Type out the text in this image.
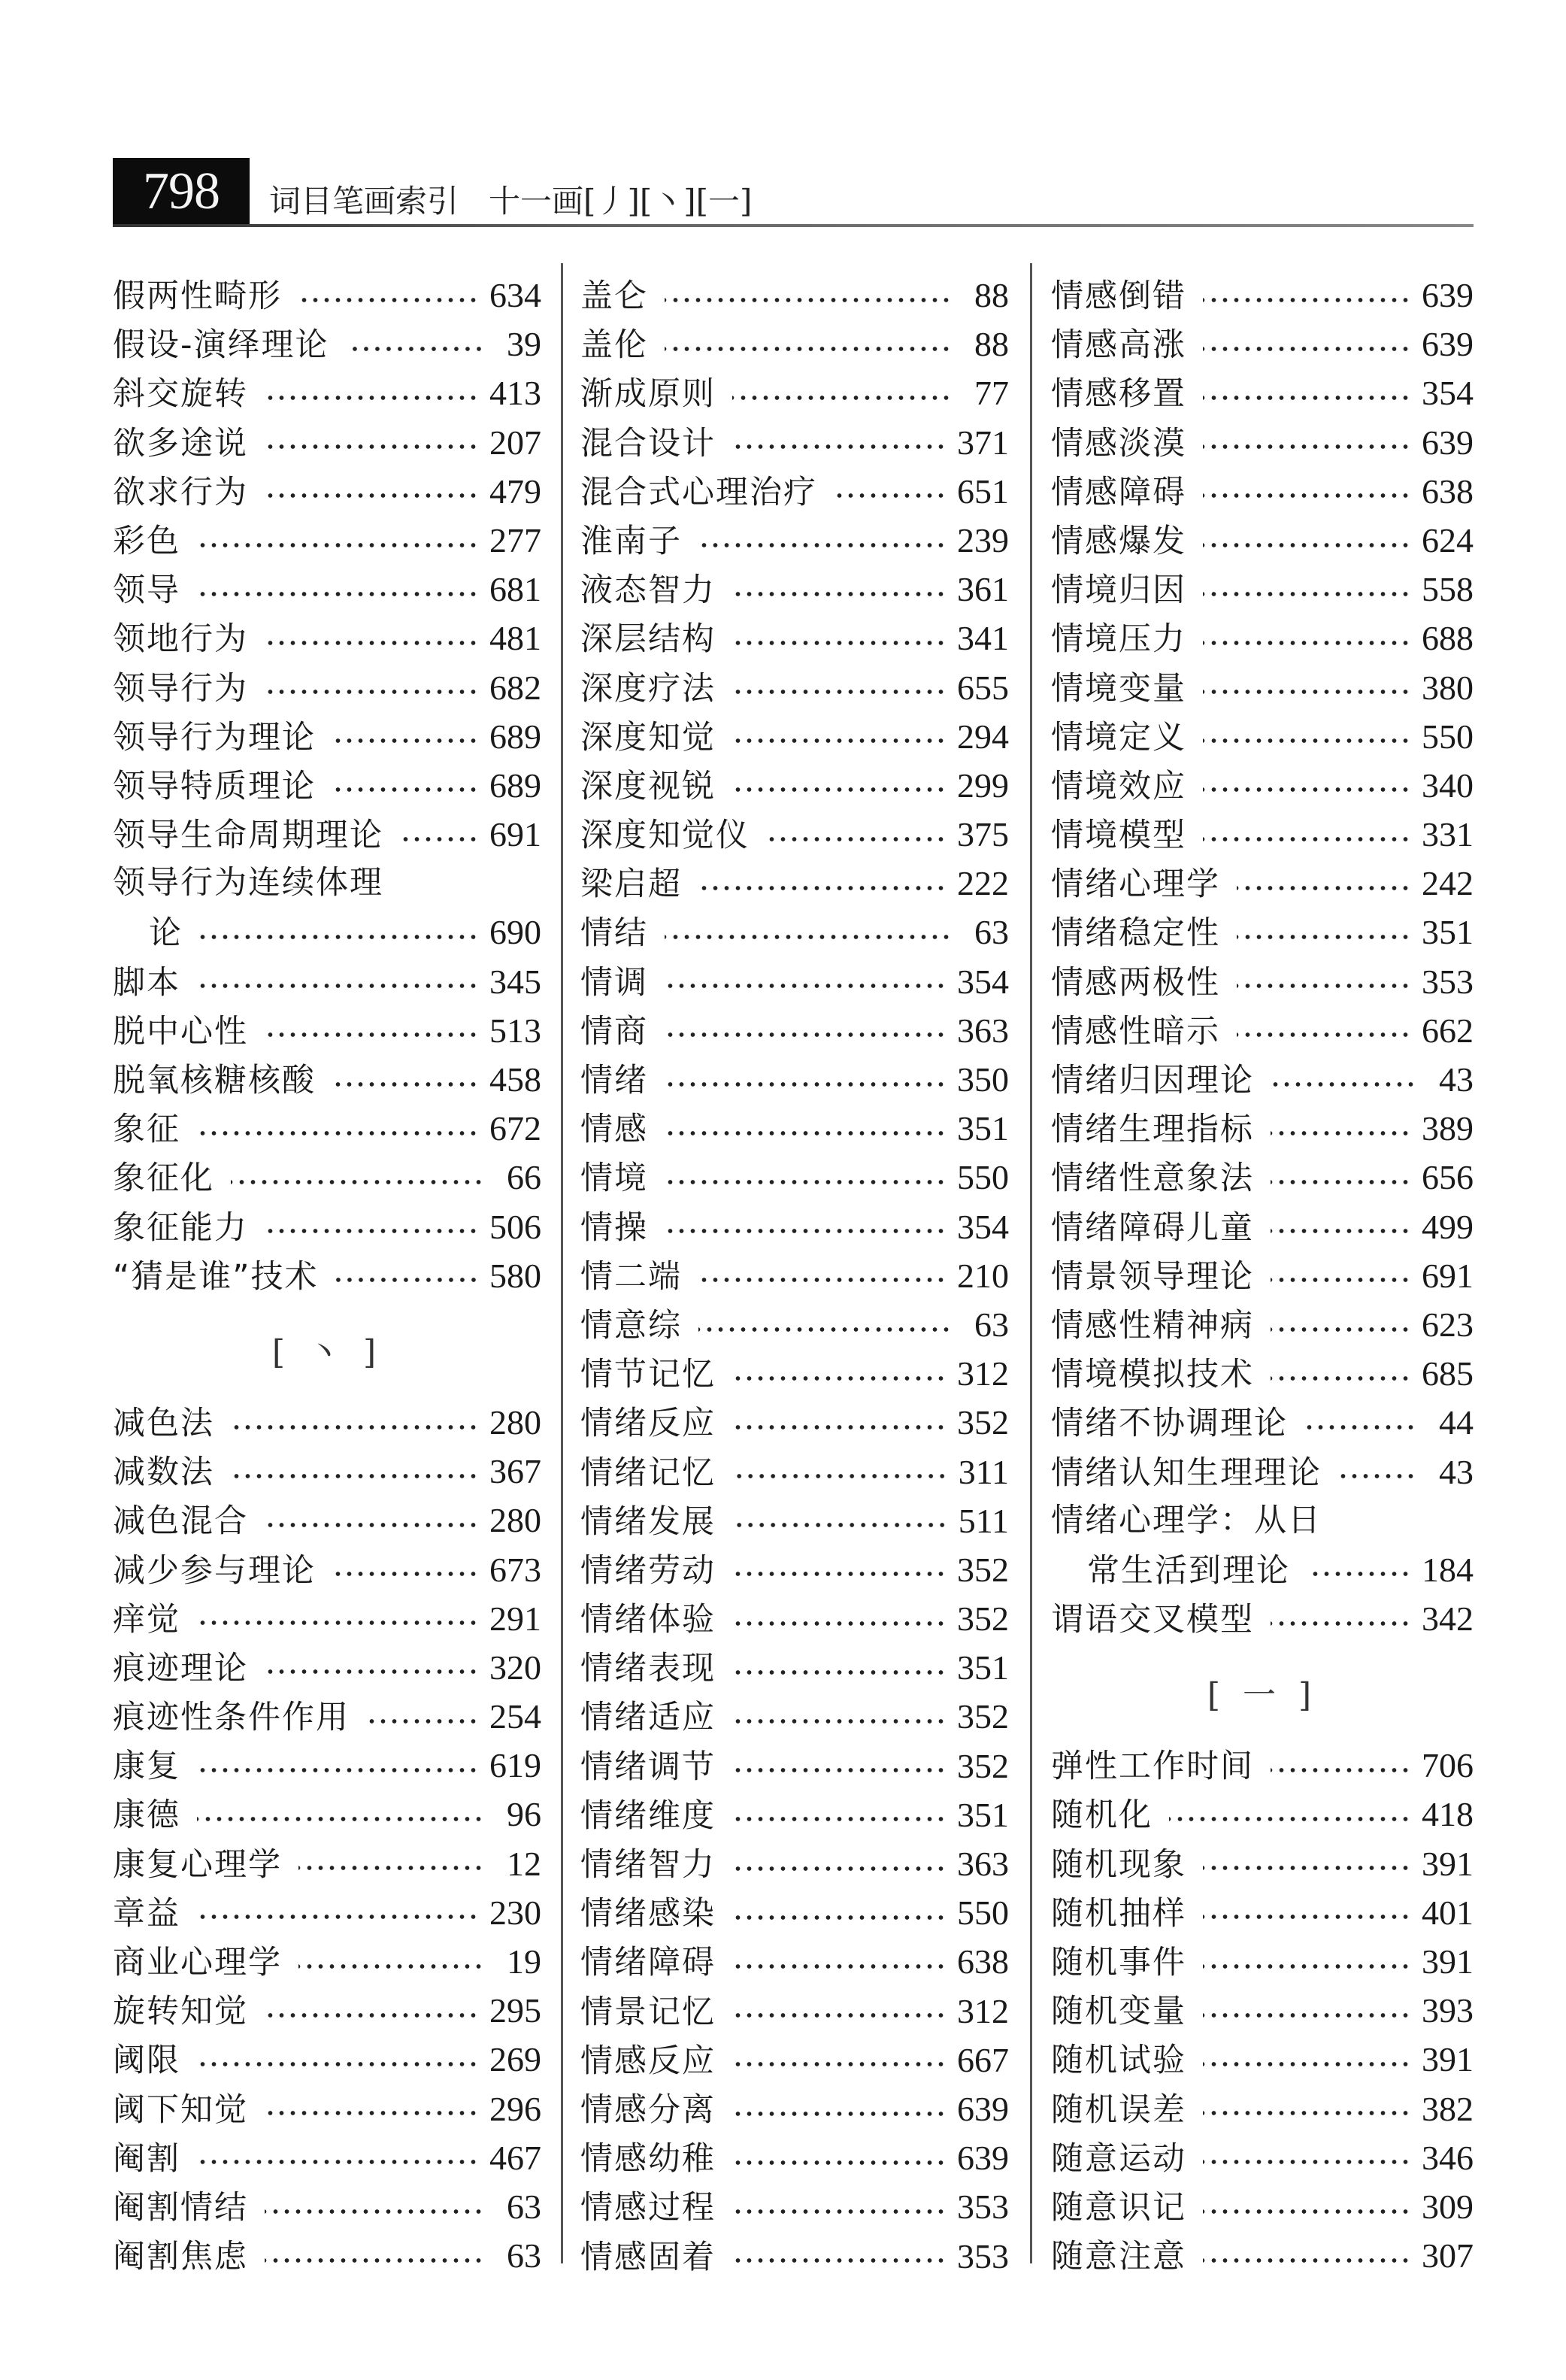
798	词目笔画索引   十一画[丿][丶][一]
假两性畸形	634
假设-演绎理论	39
斜交旋转	413
欲多途说	207
欲求行为	479
彩色	277
领导	681
领地行为	481
领导行为	682
领导行为理论	689
领导特质理论	689
领导生命周期理论	691
领导行为连续体理
论	690
脚本	345
脱中心性	513
脱氧核糖核酸	458
象征	672
象征化	66
象征能力	506
“猜是谁”技术	580
[ 丶 ]
减色法	280
减数法	367
减色混合	280
减少参与理论	673
痒觉	291
痕迹理论	320
痕迹性条件作用	254
康复	619
康德	96
康复心理学	12
章益	230
商业心理学	19
旋转知觉	295
阈限	269
阈下知觉	296
阉割	467
阉割情结	63
阉割焦虑	63
盖仑	88
盖伦	88
渐成原则	77
混合设计	371
混合式心理治疗	651
淮南子	239
液态智力	361
深层结构	341
深度疗法	655
深度知觉	294
深度视锐	299
深度知觉仪	375
梁启超	222
情结	63
情调	354
情商	363
情绪	350
情感	351
情境	550
情操	354
情二端	210
情意综	63
情节记忆	312
情绪反应	352
情绪记忆	311
情绪发展	511
情绪劳动	352
情绪体验	352
情绪表现	351
情绪适应	352
情绪调节	352
情绪维度	351
情绪智力	363
情绪感染	550
情绪障碍	638
情景记忆	312
情感反应	667
情感分离	639
情感幼稚	639
情感过程	353
情感固着	353
情感倒错	639
情感高涨	639
情感移置	354
情感淡漠	639
情感障碍	638
情感爆发	624
情境归因	558
情境压力	688
情境变量	380
情境定义	550
情境效应	340
情境模型	331
情绪心理学	242
情绪稳定性	351
情感两极性	353
情感性暗示	662
情绪归因理论	43
情绪生理指标	389
情绪性意象法	656
情绪障碍儿童	499
情景领导理论	691
情感性精神病	623
情境模拟技术	685
情绪不协调理论	44
情绪认知生理理论	43
情绪心理学：从日
常生活到理论	184
谓语交叉模型	342
[ 一 ]
弹性工作时间	706
随机化	418
随机现象	391
随机抽样	401
随机事件	391
随机变量	393
随机试验	391
随机误差	382
随意运动	346
随意识记	309
随意注意	307
